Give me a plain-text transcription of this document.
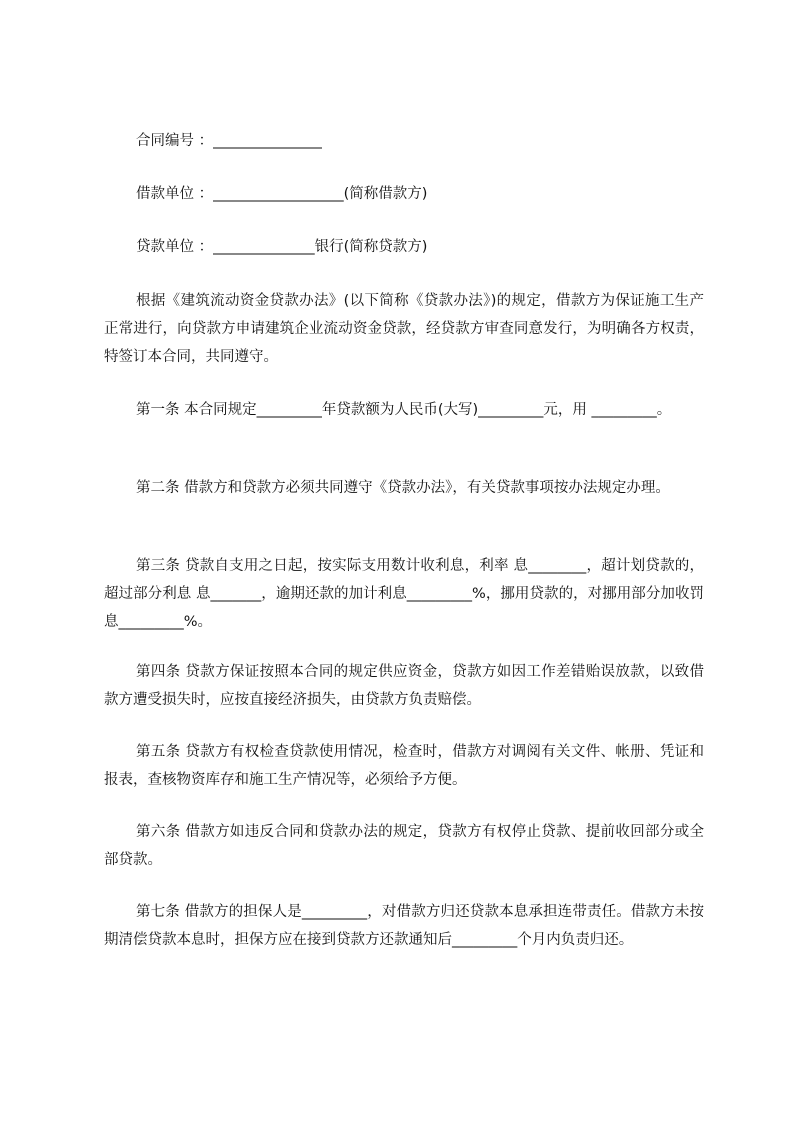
合同编号 ：_______________
借款单位 ：__________________(简称借款方)
贷款单位 ：______________银行(简称贷款方)
根据《建筑流动资金贷款办法》(以下简称《贷款办法》)的规定，借款方为保证施工生产正常进行，向贷款方申请建筑企业流动资金贷款，经贷款方审查同意发行，为明确各方权责，特签订本合同，共同遵守。
第一条 本合同规定_________年贷款额为人民币(大写)_________元，用 _________。
第二条 借款方和贷款方必须共同遵守《贷款办法》，有关贷款事项按办法规定办理。
第三条 贷款自支用之日起，按实际支用数计收利息，利率 息________，超计划贷款的，超过部分利息 息_______，逾期还款的加计利息_________%，挪用贷款的，对挪用部分加收罚息_________%。
第四条 贷款方保证按照本合同的规定供应资金，贷款方如因工作差错贻误放款，以致借款方遭受损失时，应按直接经济损失，由贷款方负责赔偿。
第五条 贷款方有权检查贷款使用情况，检查时，借款方对调阅有关文件、帐册、凭证和报表，查核物资库存和施工生产情况等，必须给予方便。
第六条 借款方如违反合同和贷款办法的规定，贷款方有权停止贷款、提前收回部分或全部贷款。
第七条 借款方的担保人是_________，对借款方归还贷款本息承担连带责任。借款方未按期清偿贷款本息时，担保方应在接到贷款方还款通知后_________个月内负责归还。
